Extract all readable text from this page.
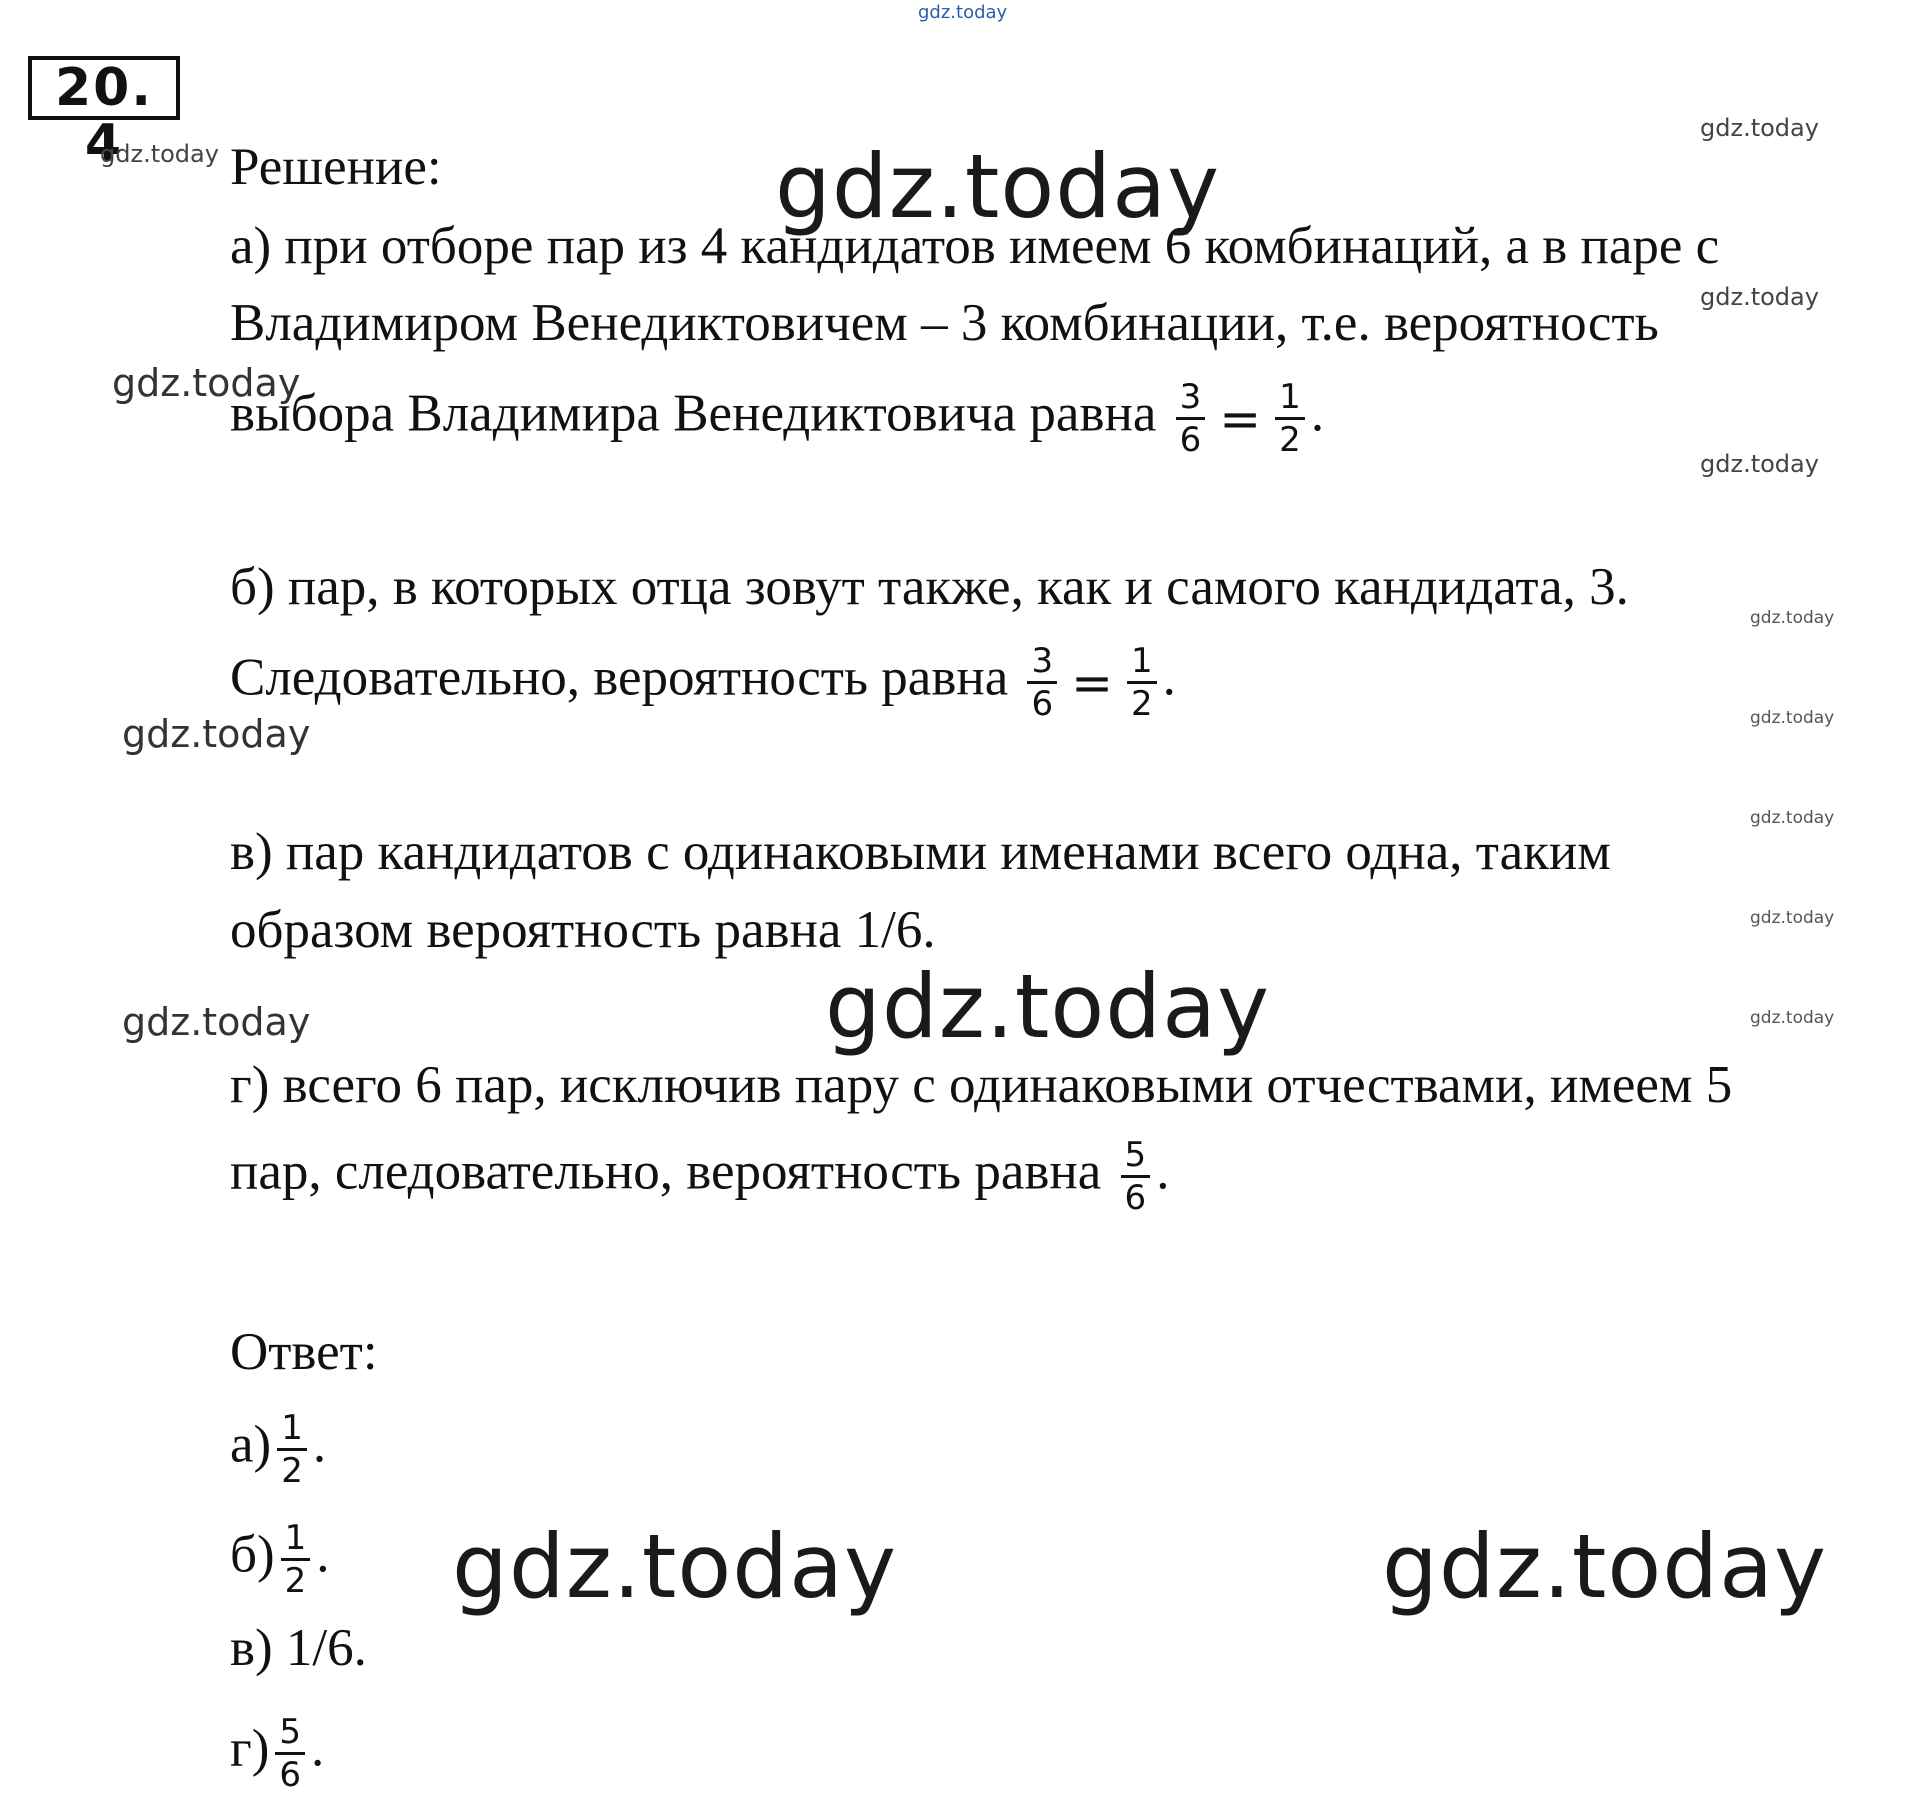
20. 4	Решение:
а) при отборе пар из 4 кандидатов имеем 6 комбинаций, а в паре с
Владимиром Венедиктовичем – 3 комбинации, т.е. вероятность
выбора Владимира Венедиктовича равна $\frac{3}{6} = \frac{1}{2}$ .
б) пар, в которых отца зовут также, как и самого кандидата, 3.
Следовательно, вероятность равна $\frac{3}{6} = \frac{1}{2}$ .
в) пар кандидатов с одинаковыми именами всего одна, таким
образом вероятность равна 1/6.
г) всего 6 пар, исключив пару с одинаковыми отчествами, имеем 5
пар, следовательно, вероятность равна $\frac{5}{6}$ .
Ответ:
$а) \frac{1}{2}$ .
$б) \frac{1}{2}$ .
в) 1/6.
$г) \frac{5}{6}$ .
gdz.today
gdz.today
gdz.today	gdz.today
gdz.today
gdz.today
gdz.today
gdz.today
gdz.today
gdz.today
gdz.today
gdz.today
gdz.today	gdz.today
gdz.today
gdz.today	gdz.today
